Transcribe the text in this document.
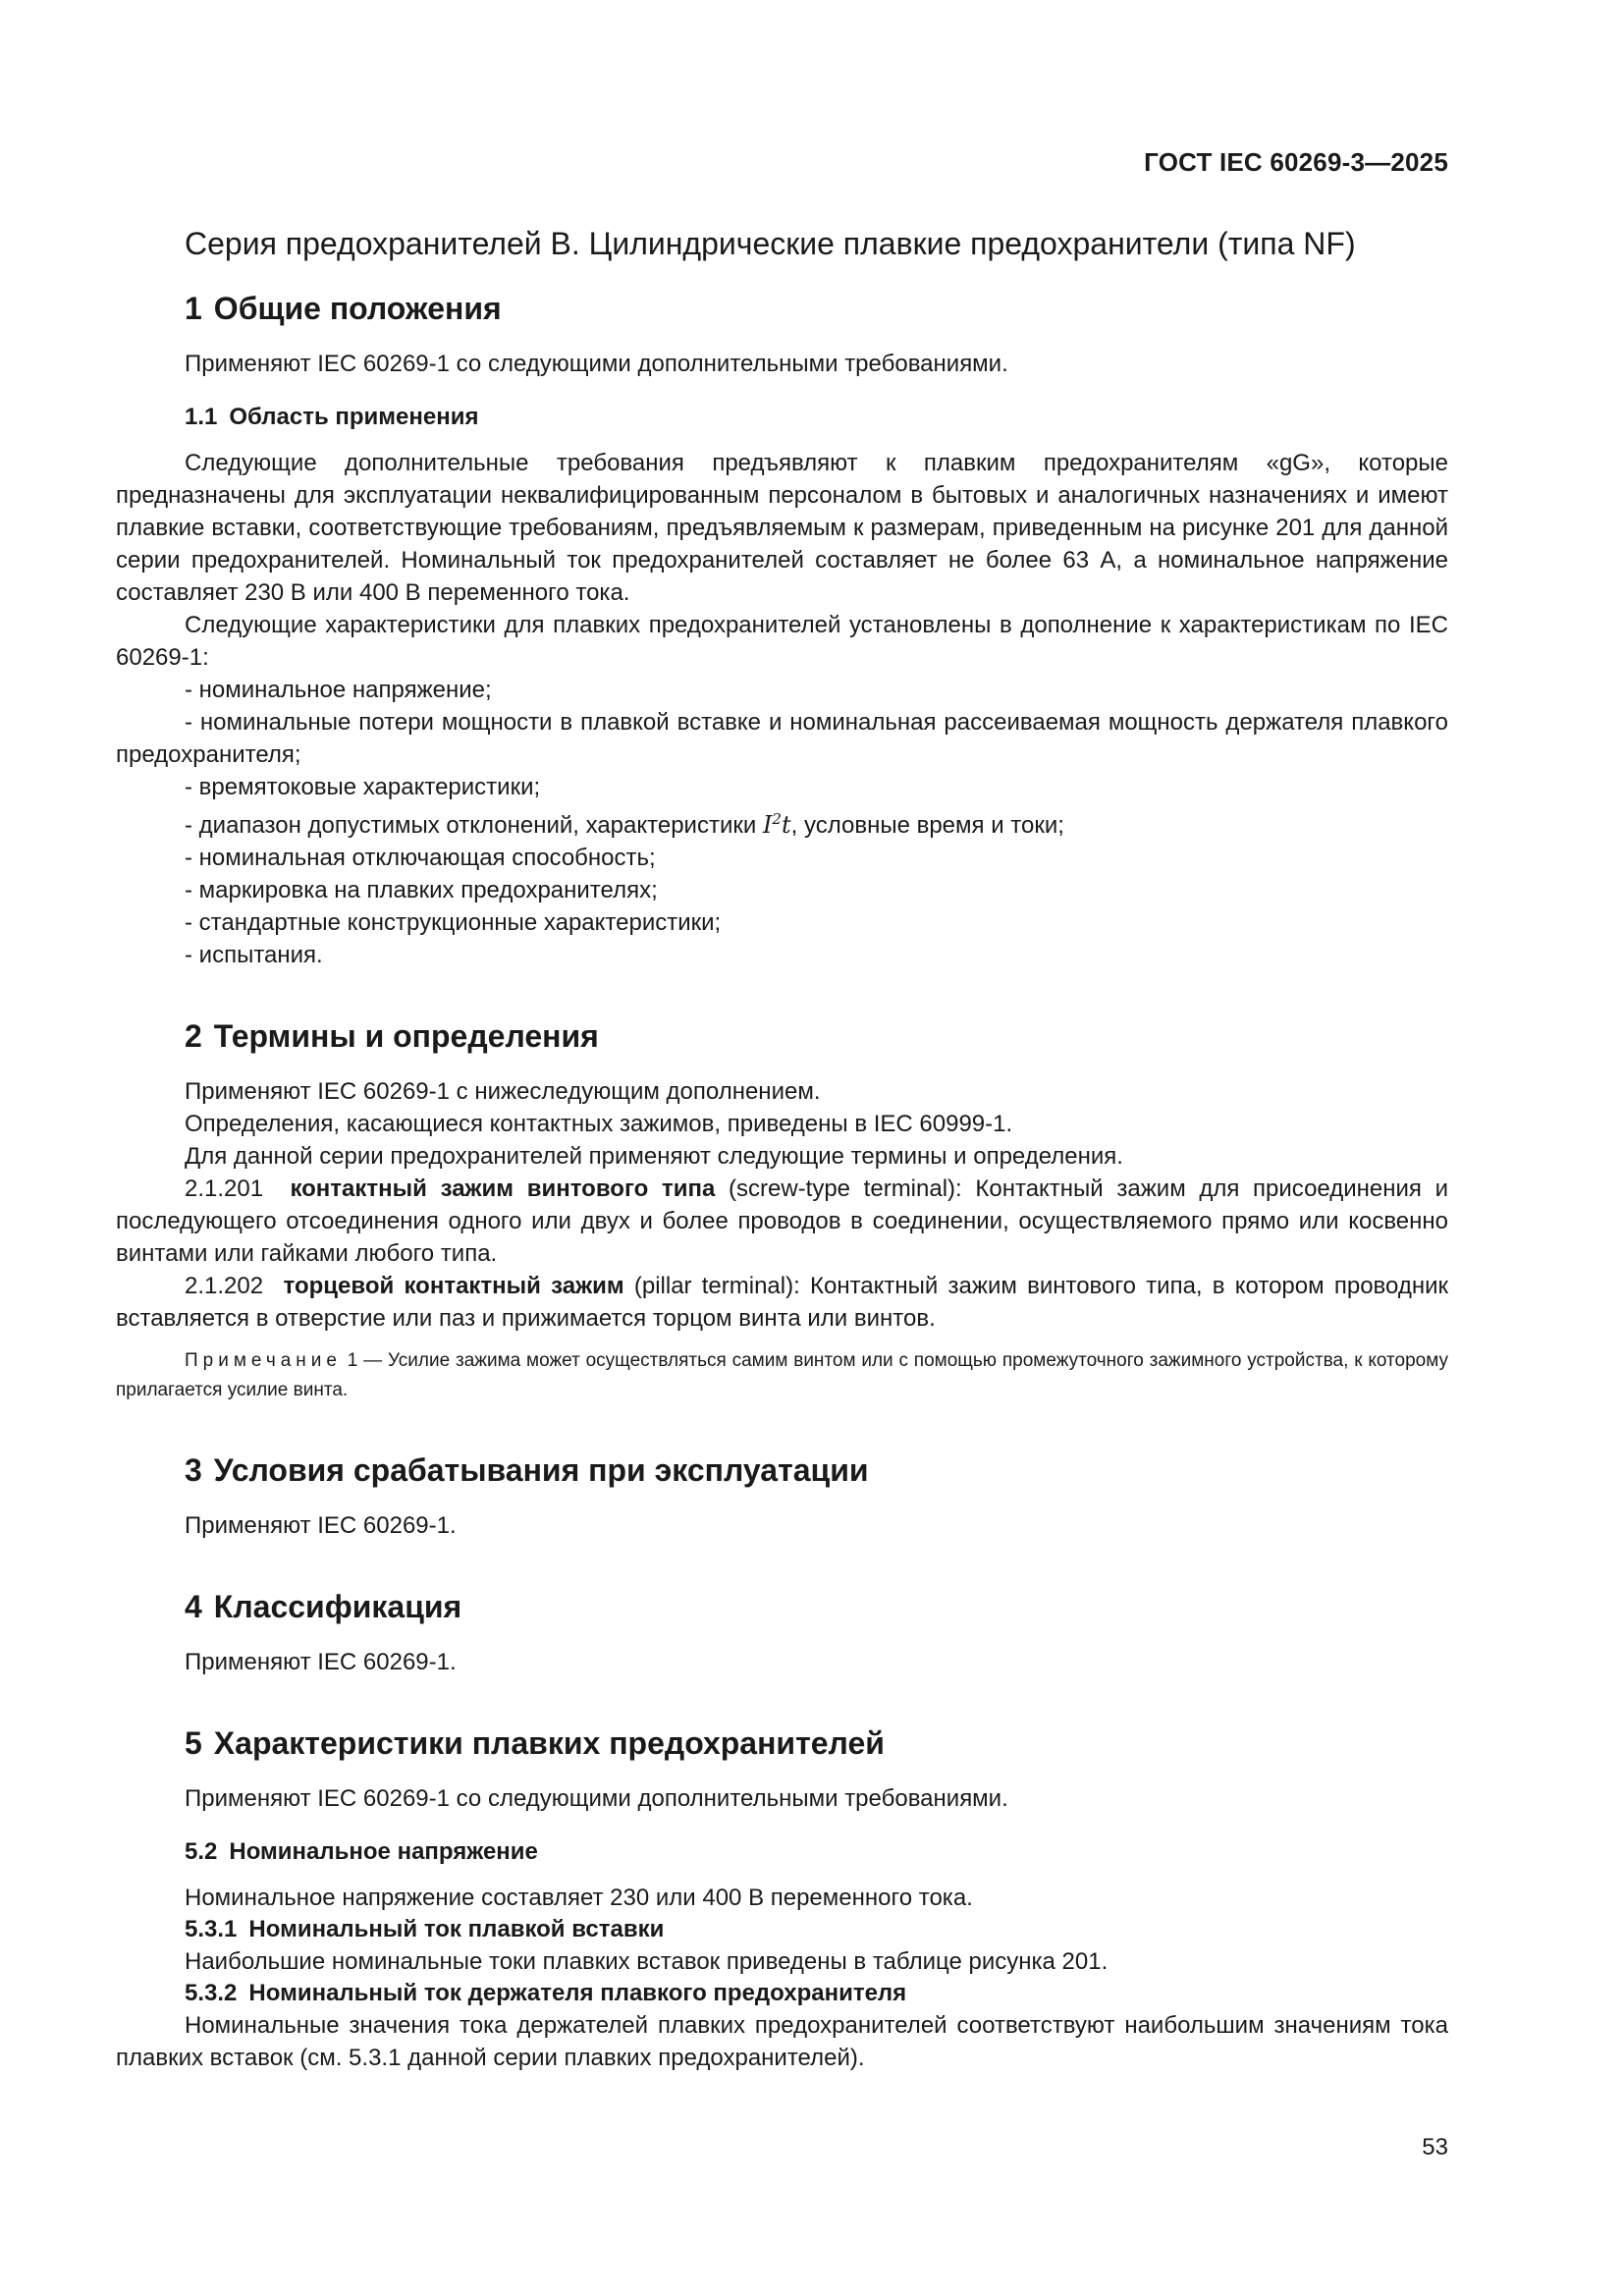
ГОСТ IEC 60269-3—2025
Серия предохранителей В. Цилиндрические плавкие предохранители (типа NF)
1 Общие положения

Применяют IEC 60269-1 со следующими дополнительными требованиями.

1.1 Область применения

Следующие дополнительные требования предъявляют к плавким предохранителям «gG», которые предназначены для эксплуатации неквалифицированным персоналом в бытовых и аналогичных назначениях и имеют плавкие вставки, соответствующие требованиям, предъявляемым к размерам, приведенным на рисунке 201 для данной серии предохранителей. Номинальный ток предохранителей составляет не более 63 А, а номинальное напряжение составляет 230 В или 400 В переменного тока.

Следующие характеристики для плавких предохранителей установлены в дополнение к характеристикам по IEC 60269-1:

- номинальное напряжение;

- номинальные потери мощности в плавкой вставке и номинальная рассеиваемая мощность держателя плавкого предохранителя;

- времятоковые характеристики;

- диапазон допустимых отклонений, характеристики $I^2t$, условные время и токи;

- номинальная отключающая способность;

- маркировка на плавких предохранителях;

- стандартные конструкционные характеристики;

- испытания.

2 Термины и определения

Применяют IEC 60269-1 с нижеследующим дополнением.

Определения, касающиеся контактных зажимов, приведены в IEC 60999-1.

Для данной серии предохранителей применяют следующие термины и определения.

2.1.201 контактный зажим винтового типа (screw-type terminal): Контактный зажим для присоединения и последующего отсоединения одного или двух и более проводов в соединении, осуществляемого прямо или косвенно винтами или гайками любого типа.

2.1.202 торцевой контактный зажим (pillar terminal): Контактный зажим винтового типа, в котором проводник вставляется в отверстие или паз и прижимается торцом винта или винтов.

Примечание 1 — Усилие зажима может осуществляться самим винтом или с помощью промежуточного зажимного устройства, к которому прилагается усилие винта.

3 Условия срабатывания при эксплуатации

Применяют IEC 60269-1.

4 Классификация

Применяют IEC 60269-1.

5 Характеристики плавких предохранителей

Применяют IEC 60269-1 со следующими дополнительными требованиями.

5.2 Номинальное напряжение

Номинальное напряжение составляет 230 или 400 В переменного тока.

5.3.1 Номинальный ток плавкой вставки

Наибольшие номинальные токи плавких вставок приведены в таблице рисунка 201.

5.3.2 Номинальный ток держателя плавкого предохранителя

Номинальные значения тока держателей плавких предохранителей соответствуют наибольшим значениям тока плавких вставок (см. 5.3.1 данной серии плавких предохранителей).

53
